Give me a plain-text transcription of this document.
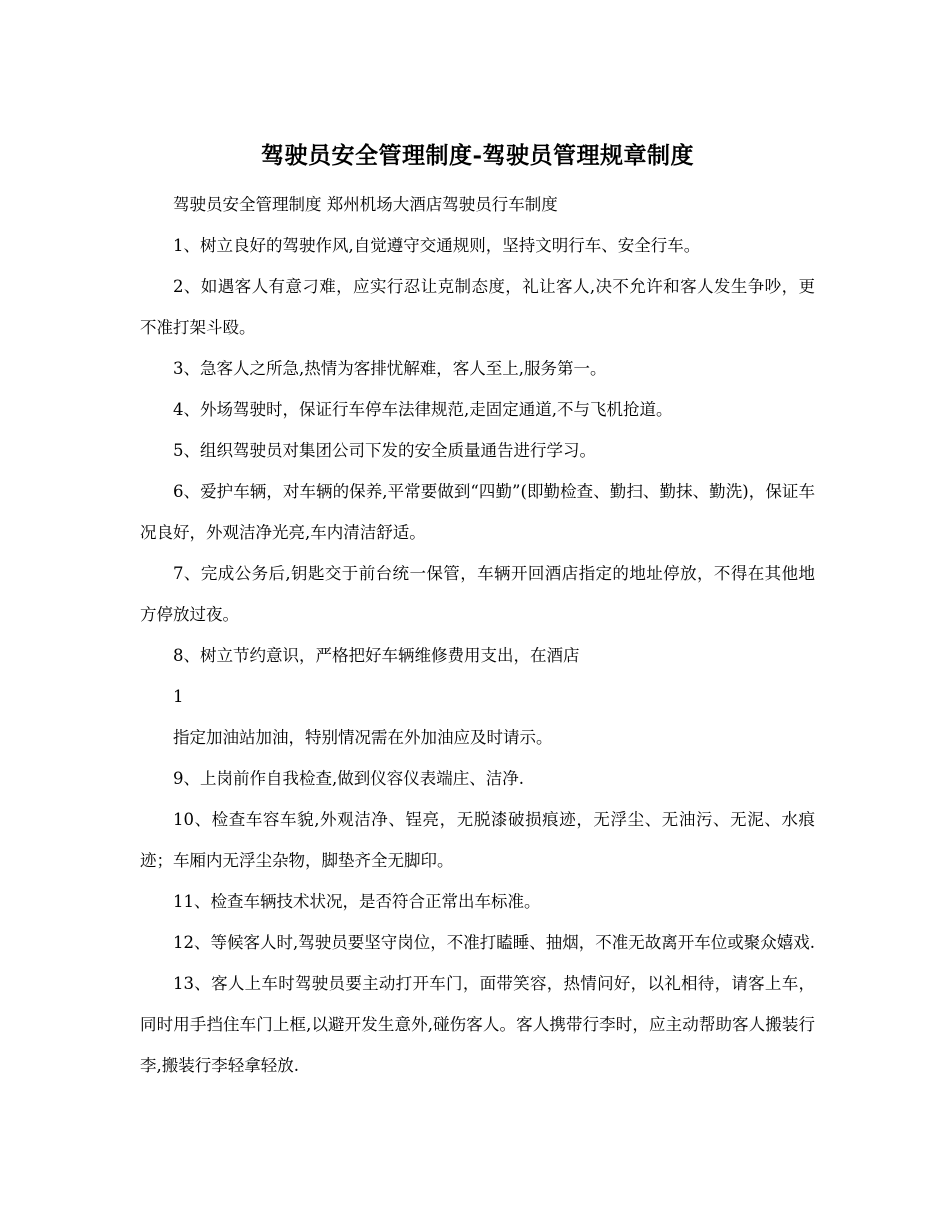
驾驶员安全管理制度-驾驶员管理规章制度

驾驶员安全管理制度 郑州机场大酒店驾驶员行车制度

1、树立良好的驾驶作风,自觉遵守交通规则，坚持文明行车、安全行车。

2、如遇客人有意刁难，应实行忍让克制态度，礼让客人,决不允许和客人发生争吵，更不准打架斗殴。

3、急客人之所急,热情为客排忧解难，客人至上,服务第一。

4、外场驾驶时，保证行车停车法律规范,走固定通道,不与飞机抢道。

5、组织驾驶员对集团公司下发的安全质量通告进行学习。

6、爱护车辆，对车辆的保养,平常要做到“四勤”(即勤检查、勤扫、勤抹、勤洗)，保证车况良好，外观洁净光亮,车内清洁舒适。

7、完成公务后,钥匙交于前台统一保管，车辆开回酒店指定的地址停放，不得在其他地方停放过夜。

8、树立节约意识，严格把好车辆维修费用支出，在酒店

1

指定加油站加油，特别情况需在外加油应及时请示。

9、上岗前作自我检查,做到仪容仪表端庄、洁净.

10、检查车容车貌,外观洁净、锃亮，无脱漆破损痕迹，无浮尘、无油污、无泥、水痕迹；车厢内无浮尘杂物，脚垫齐全无脚印。

11、检查车辆技术状况，是否符合正常出车标准。

12、等候客人时,驾驶员要坚守岗位，不准打瞌睡、抽烟，不准无故离开车位或聚众嬉戏.

13、客人上车时驾驶员要主动打开车门，面带笑容，热情问好，以礼相待，请客上车，同时用手挡住车门上框,以避开发生意外,碰伤客人。客人携带行李时，应主动帮助客人搬装行李,搬装行李轻拿轻放.
